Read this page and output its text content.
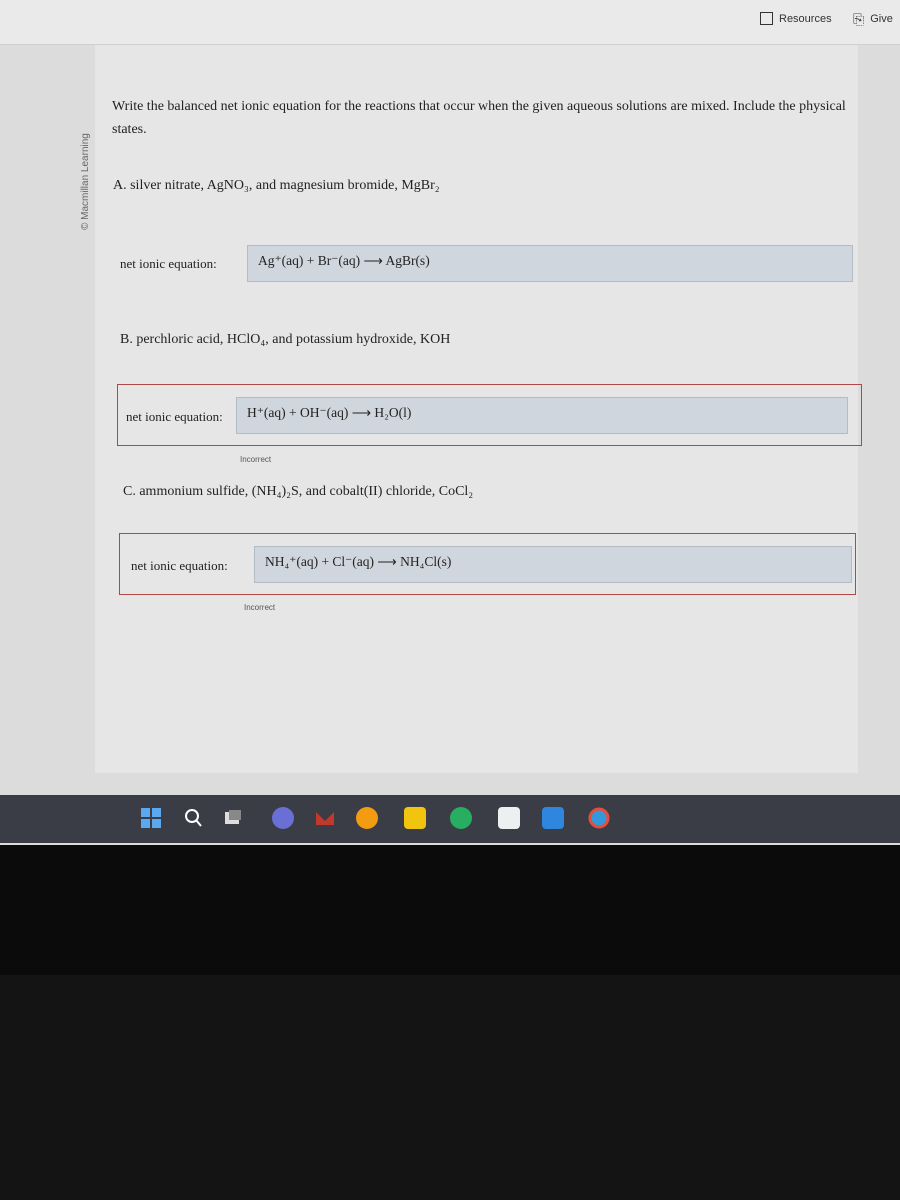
Resources ⎘ Give
© Macmillan Learning
Write the balanced net ionic equation for the reactions that occur when the given aqueous solutions are mixed. Include the physical states.
A. silver nitrate, AgNO₃, and magnesium bromide, MgBr₂
net ionic equation:	Ag⁺(aq) + Br⁻(aq) ⟶ AgBr(s)
B. perchloric acid, HClO₄, and potassium hydroxide, KOH
net ionic equation:	H⁺(aq) + OH⁻(aq) ⟶ H₂O(l)
Incorrect
C. ammonium sulfide, (NH₄)₂S, and cobalt(II) chloride, CoCl₂
net ionic equation:	NH₄⁺(aq) + Cl⁻(aq) ⟶ NH₄Cl(s)
Incorrect
